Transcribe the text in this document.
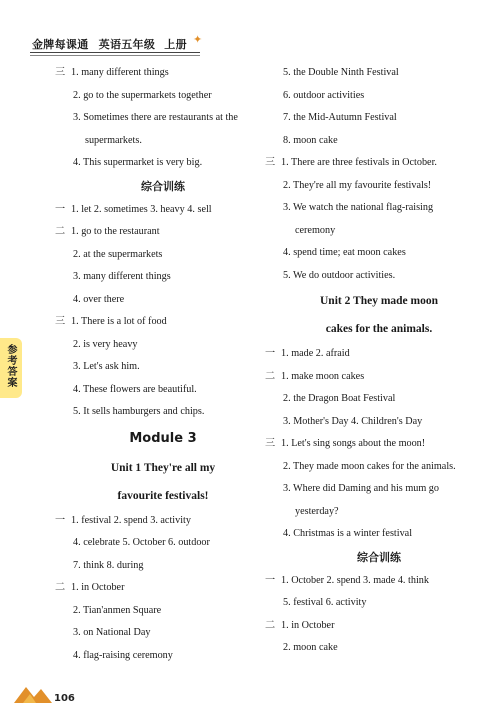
金牌每课通 英语五年级 上册 ✦
三 1. many different things
2. go to the supermarkets together
3. Sometimes there are restaurants at the
supermarkets.
4. This supermarket is very big.
综合训练
一 1. let 2. sometimes 3. heavy 4. sell
二 1. go to the restaurant
2. at the supermarkets
3. many different things
4. over there
三 1. There is a lot of food
2. is very heavy
3. Let's ask him.
4. These flowers are beautiful.
5. It sells hamburgers and chips.
Module 3
Unit 1 They're all my
favourite festivals!
一 1. festival 2. spend 3. activity
4. celebrate 5. October 6. outdoor
7. think 8. during
二 1. in October
2. Tian'anmen Square
3. on National Day
4. flag-raising ceremony
5. the Double Ninth Festival
6. outdoor activities
7. the Mid-Autumn Festival
8. moon cake
三 1. There are three festivals in October.
2. They're all my favourite festivals!
3. We watch the national flag-raising
ceremony
4. spend time; eat moon cakes
5. We do outdoor activities.
Unit 2 They made moon
cakes for the animals.
一 1. made 2. afraid
二 1. make moon cakes
2. the Dragon Boat Festival
3. Mother's Day 4. Children's Day
三 1. Let's sing songs about the moon!
2. They made moon cakes for the animals.
3. Where did Daming and his mum go
yesterday?
4. Christmas is a winter festival
综合训练
一 1. October 2. spend 3. made 4. think
5. festival 6. activity
二 1. in October
2. moon cake
参考答案
106
